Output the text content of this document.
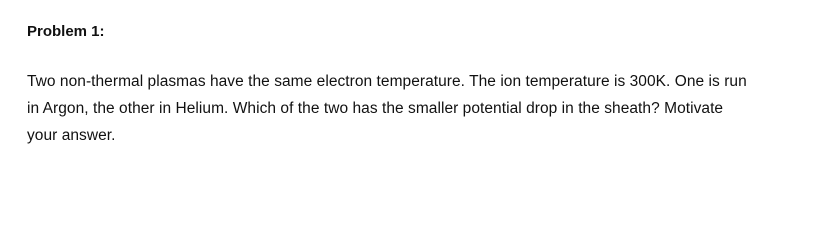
Problem 1:

Two non-thermal plasmas have the same electron temperature. The ion temperature is 300K. One is run
in Argon, the other in Helium. Which of the two has the smaller potential drop in the sheath? Motivate
your answer.
